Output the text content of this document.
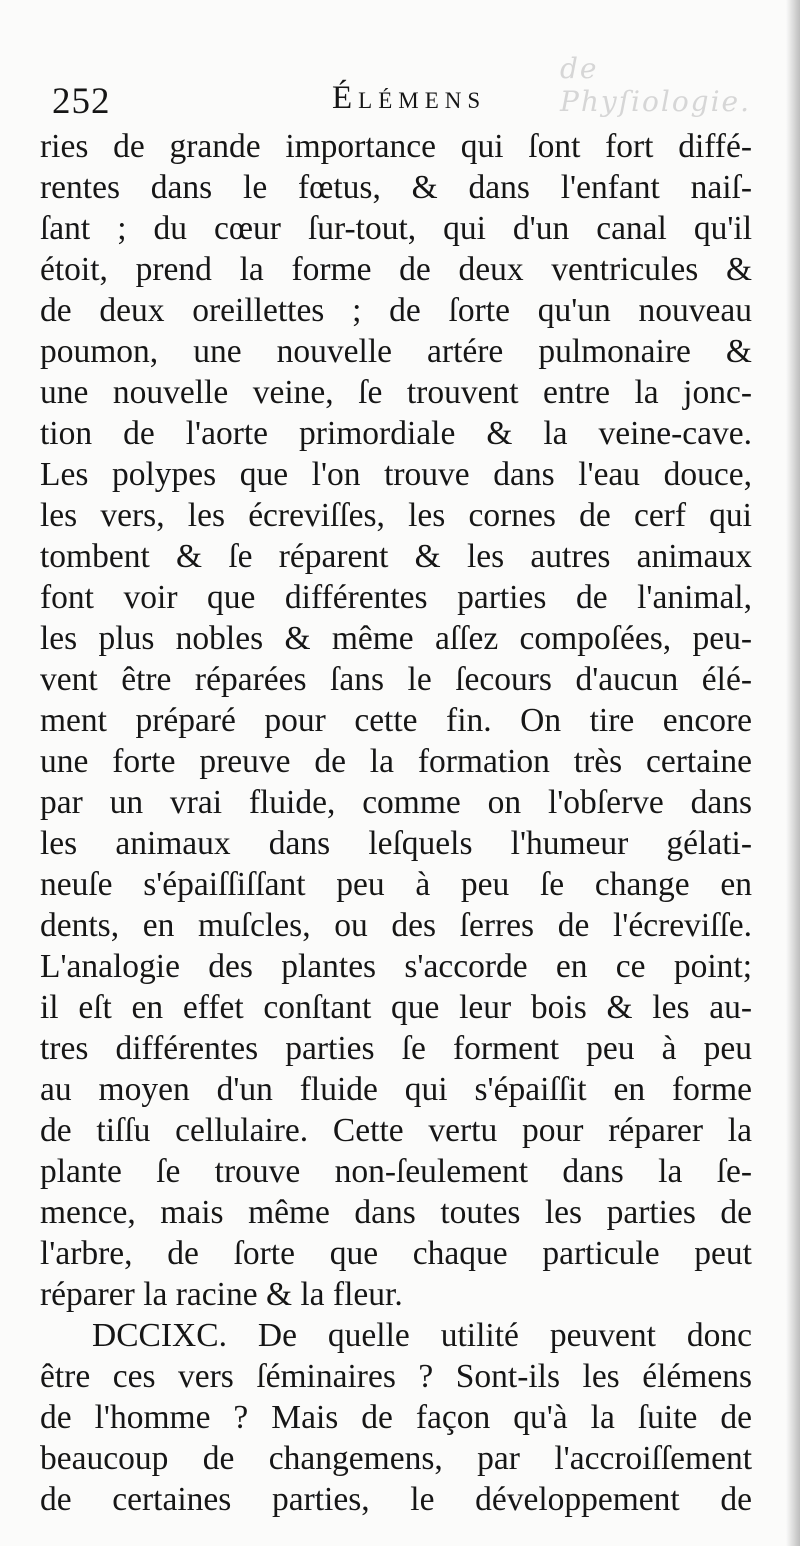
de Phyſiologie.
252	Élémens
ries de grande importance qui ſont fort diffé-
rentes dans le fœtus, & dans l'enfant naiſ-
ſant ; du cœur ſur-tout, qui d'un canal qu'il
étoit, prend la forme de deux ventricules &
de deux oreillettes ; de ſorte qu'un nouveau
poumon, une nouvelle artére pulmonaire &
une nouvelle veine, ſe trouvent entre la jonc-
tion de l'aorte primordiale & la veine-cave.
Les polypes que l'on trouve dans l'eau douce,
les vers, les écreviſſes, les cornes de cerf qui
tombent & ſe réparent & les autres animaux
font voir que différentes parties de l'animal,
les plus nobles & même aſſez compoſées, peu-
vent être réparées ſans le ſecours d'aucun élé-
ment préparé pour cette fin. On tire encore
une forte preuve de la formation très certaine
par un vrai fluide, comme on l'obſerve dans
les animaux dans leſquels l'humeur gélati-
neuſe s'épaiſſiſſant peu à peu ſe change en
dents, en muſcles, ou des ſerres de l'écreviſſe.
L'analogie des plantes s'accorde en ce point;
il eſt en effet conſtant que leur bois & les au-
tres différentes parties ſe forment peu à peu
au moyen d'un fluide qui s'épaiſſit en forme
de tiſſu cellulaire. Cette vertu pour réparer la
plante ſe trouve non-ſeulement dans la ſe-
mence, mais même dans toutes les parties de
l'arbre, de ſorte que chaque particule peut
réparer la racine & la fleur.
DCCIXC. De quelle utilité peuvent donc
être ces vers ſéminaires ? Sont-ils les élémens
de l'homme ? Mais de façon qu'à la ſuite de
beaucoup de changemens, par l'accroiſſement
de certaines parties, le développement de
